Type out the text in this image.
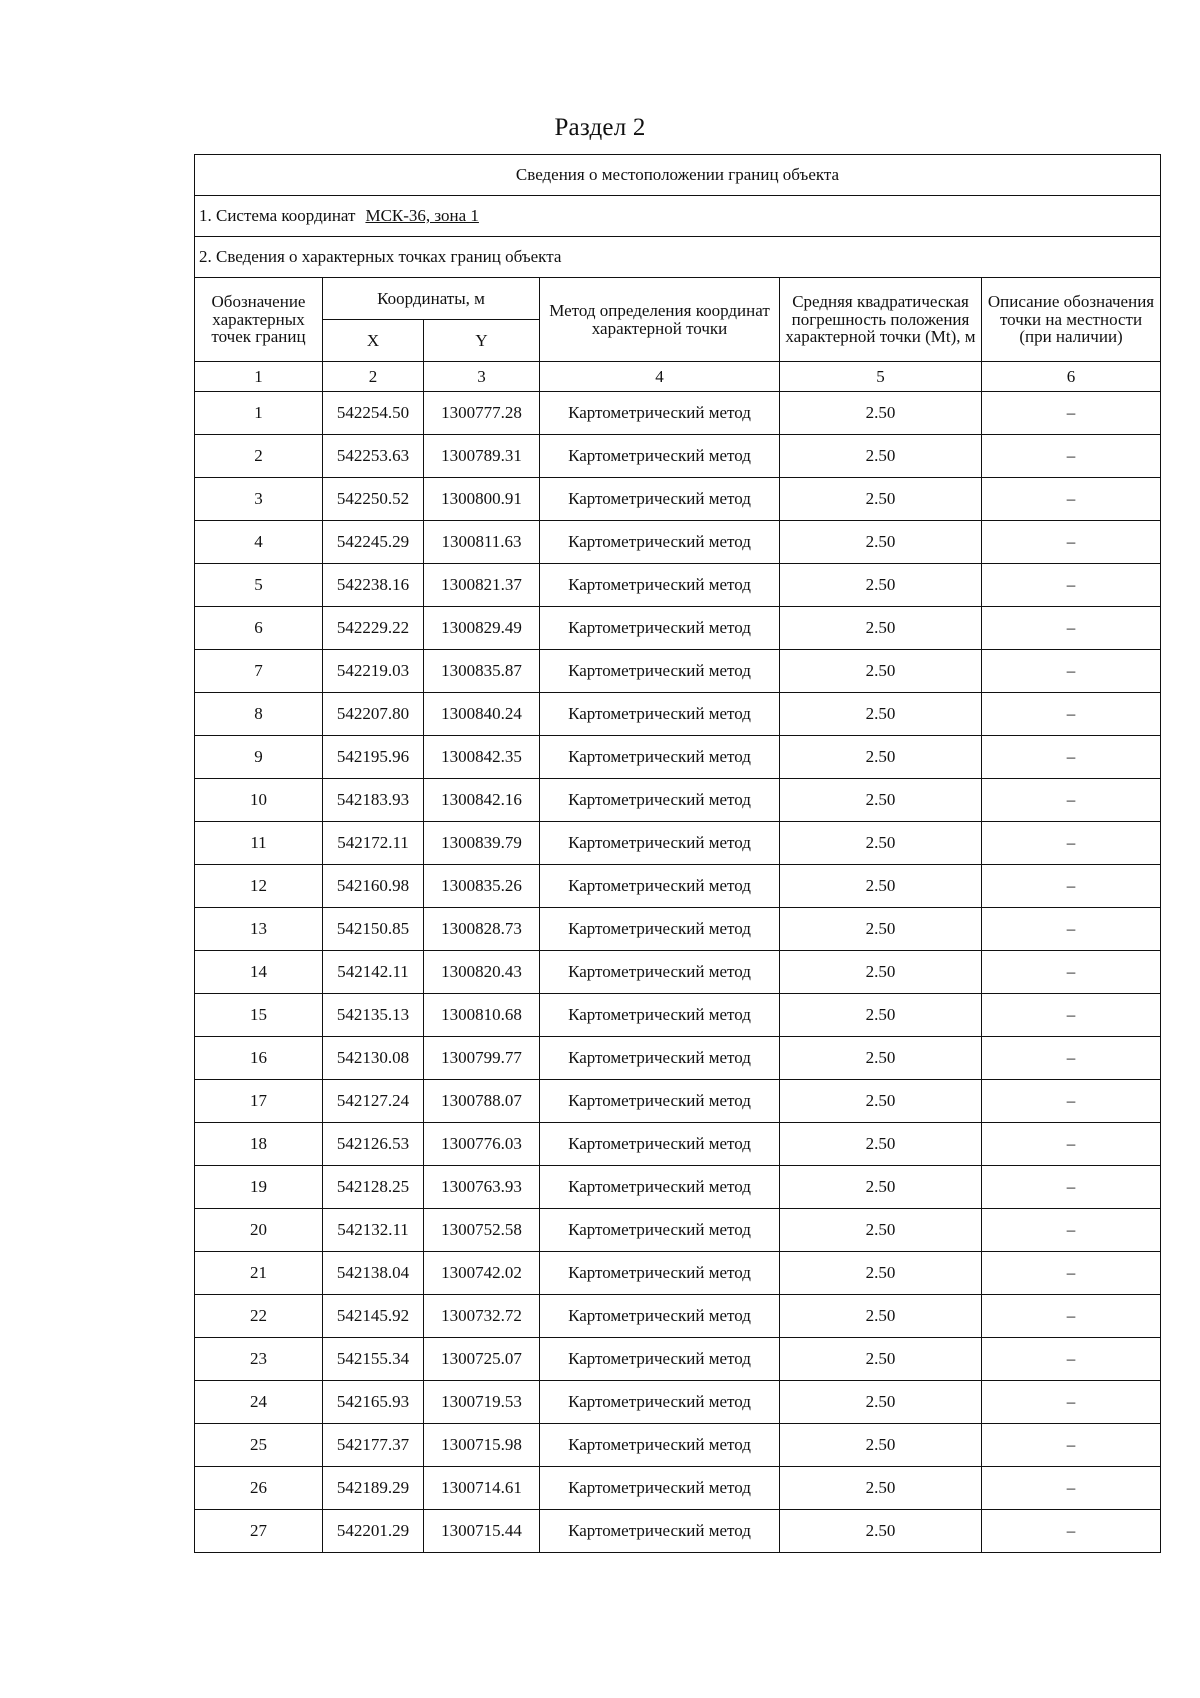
Раздел 2
Сведения о местоположении границ объекта					
1. Система координат МСК-36, зона 1					
2. Сведения о характерных точках границ объекта					
Обозначение характерных точек границ	Координаты, м		Метод определения координат характерной точки	Средняя квадратическая погрешность положения характерной точки (Mt), м	Описание обозначения точки на местности (при наличии)
	X	Y			
1	2	3	4	5	6
1	542254.50	1300777.28	Картометрический метод	2.50	–
2	542253.63	1300789.31	Картометрический метод	2.50	–
3	542250.52	1300800.91	Картометрический метод	2.50	–
4	542245.29	1300811.63	Картометрический метод	2.50	–
5	542238.16	1300821.37	Картометрический метод	2.50	–
6	542229.22	1300829.49	Картометрический метод	2.50	–
7	542219.03	1300835.87	Картометрический метод	2.50	–
8	542207.80	1300840.24	Картометрический метод	2.50	–
9	542195.96	1300842.35	Картометрический метод	2.50	–
10	542183.93	1300842.16	Картометрический метод	2.50	–
11	542172.11	1300839.79	Картометрический метод	2.50	–
12	542160.98	1300835.26	Картометрический метод	2.50	–
13	542150.85	1300828.73	Картометрический метод	2.50	–
14	542142.11	1300820.43	Картометрический метод	2.50	–
15	542135.13	1300810.68	Картометрический метод	2.50	–
16	542130.08	1300799.77	Картометрический метод	2.50	–
17	542127.24	1300788.07	Картометрический метод	2.50	–
18	542126.53	1300776.03	Картометрический метод	2.50	–
19	542128.25	1300763.93	Картометрический метод	2.50	–
20	542132.11	1300752.58	Картометрический метод	2.50	–
21	542138.04	1300742.02	Картометрический метод	2.50	–
22	542145.92	1300732.72	Картометрический метод	2.50	–
23	542155.34	1300725.07	Картометрический метод	2.50	–
24	542165.93	1300719.53	Картометрический метод	2.50	–
25	542177.37	1300715.98	Картометрический метод	2.50	–
26	542189.29	1300714.61	Картометрический метод	2.50	–
27	542201.29	1300715.44	Картометрический метод	2.50	–
